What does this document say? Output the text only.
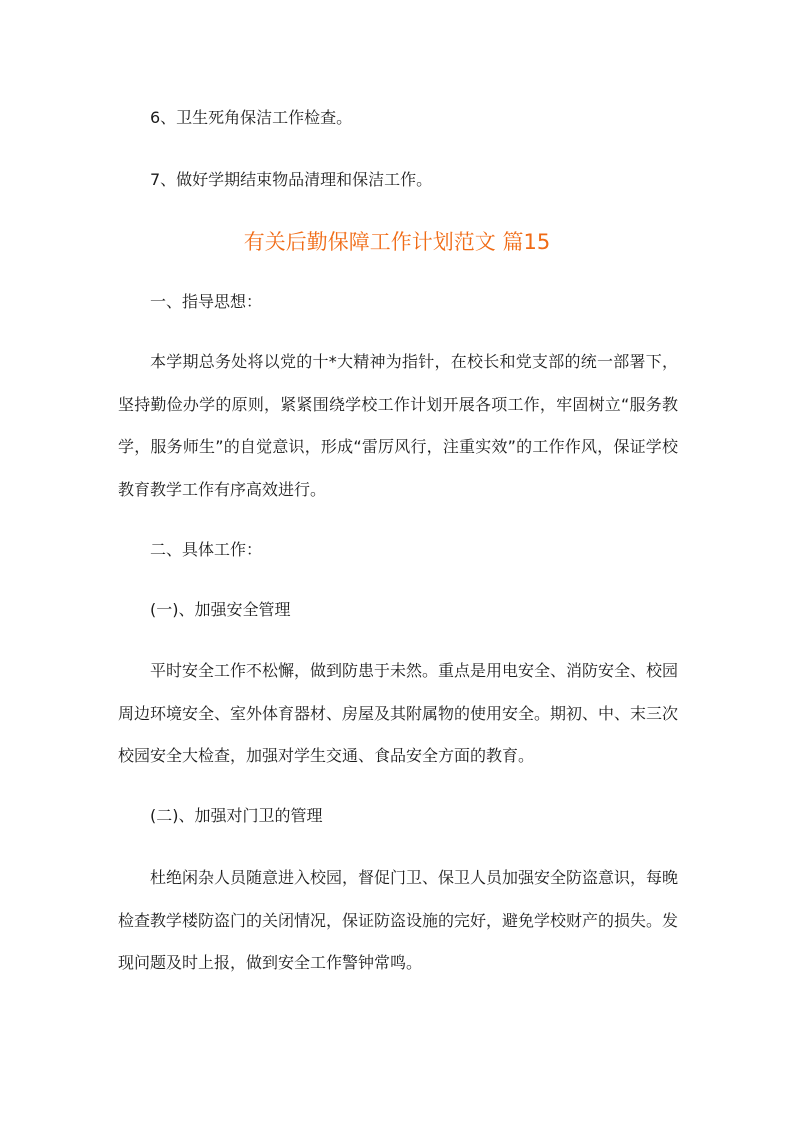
6、卫生死角保洁工作检查。
7、做好学期结束物品清理和保洁工作。
有关后勤保障工作计划范文 篇15
一、指导思想：
本学期总务处将以党的十*大精神为指针，在校长和党支部的统一部署下，坚持勤俭办学的原则，紧紧围绕学校工作计划开展各项工作，牢固树立“服务教学，服务师生”的自觉意识，形成“雷厉风行，注重实效”的工作作风，保证学校教育教学工作有序高效进行。
二、具体工作：
(一)、加强安全管理
平时安全工作不松懈，做到防患于未然。重点是用电安全、消防安全、校园周边环境安全、室外体育器材、房屋及其附属物的使用安全。期初、中、末三次校园安全大检查，加强对学生交通、食品安全方面的教育。
(二)、加强对门卫的管理
杜绝闲杂人员随意进入校园，督促门卫、保卫人员加强安全防盗意识，每晚检查教学楼防盗门的关闭情况，保证防盗设施的完好，避免学校财产的损失。发现问题及时上报，做到安全工作警钟常鸣。
